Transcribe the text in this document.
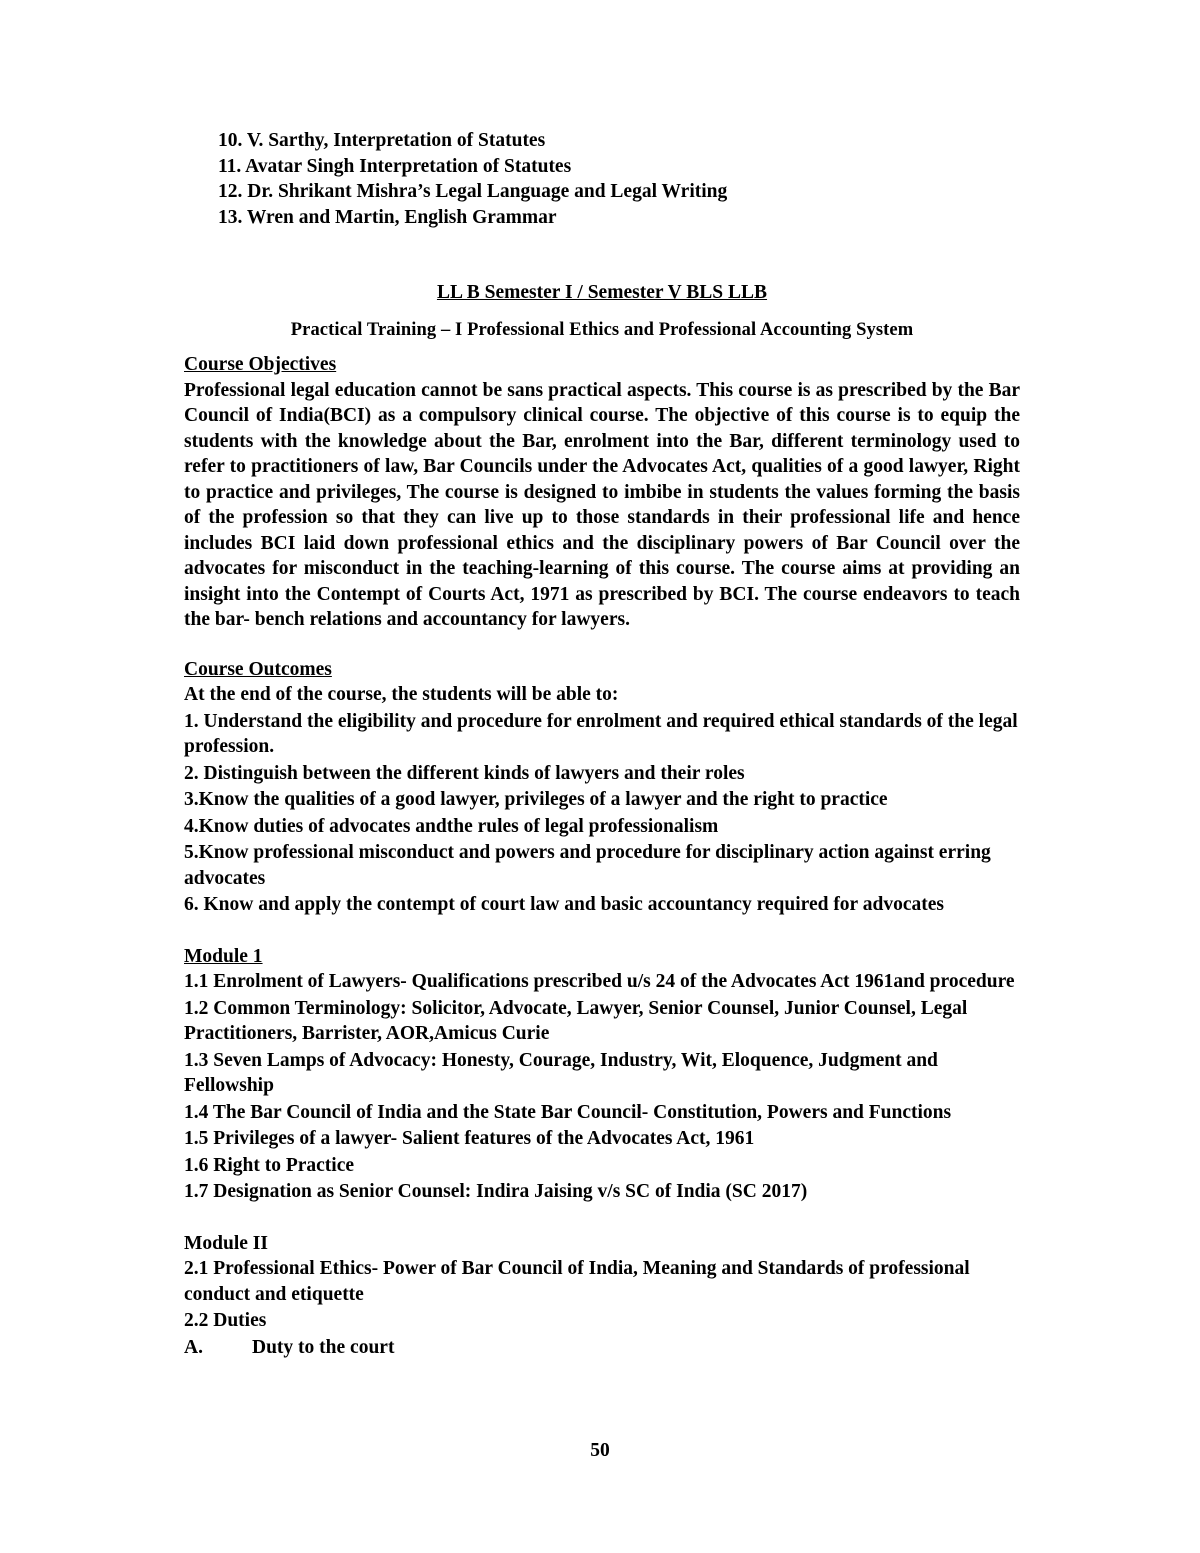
10. V. Sarthy, Interpretation of Statutes
11. Avatar Singh Interpretation of Statutes
12. Dr. Shrikant Mishra’s Legal Language and Legal Writing
13. Wren and Martin, English Grammar
LL B Semester I / Semester V BLS LLB
Practical Training – I Professional Ethics and Professional Accounting System
Course Objectives

Professional legal education cannot be sans practical aspects. This course is as prescribed by the Bar Council of India(BCI) as a compulsory clinical course. The objective of this course is to equip the students with the knowledge about the Bar, enrolment into the Bar, different terminology used to refer to practitioners of law, Bar Councils under the Advocates Act, qualities of a good lawyer, Right to practice and privileges, The course is designed to imbibe in students the values forming the basis of the profession so that they can live up to those standards in their professional life and hence includes BCI laid down professional ethics and the disciplinary powers of Bar Council over the advocates for misconduct in the teaching-learning of this course. The course aims at providing an insight into the Contempt of Courts Act, 1971 as prescribed by BCI. The course endeavors to teach the bar- bench relations and accountancy for lawyers.

Course Outcomes
At the end of the course, the students will be able to:
1. Understand the eligibility and procedure for enrolment and required ethical standards of the legal profession.
2. Distinguish between the different kinds of lawyers and their roles
3.Know the qualities of a good lawyer, privileges of a lawyer and the right to practice
4.Know duties of advocates andthe rules of legal professionalism
5.Know professional misconduct and powers and procedure for disciplinary action against erring advocates
6. Know and apply the contempt of court law and basic accountancy required for advocates
Module 1
1.1 Enrolment of Lawyers- Qualifications prescribed u/s 24 of the Advocates Act 1961and procedure
1.2 Common Terminology: Solicitor, Advocate, Lawyer, Senior Counsel, Junior Counsel, Legal Practitioners, Barrister, AOR,Amicus Curie
1.3 Seven Lamps of Advocacy: Honesty, Courage, Industry, Wit, Eloquence, Judgment and Fellowship
1.4 The Bar Council of India and the State Bar Council- Constitution, Powers and Functions
1.5 Privileges of a lawyer- Salient features of the Advocates Act, 1961
1.6 Right to Practice
1.7 Designation as Senior Counsel: Indira Jaising v/s SC of India (SC 2017)
Module II
2.1 Professional Ethics- Power of Bar Council of India, Meaning and Standards of professional conduct and etiquette
2.2 Duties
A.	Duty to the court
50
